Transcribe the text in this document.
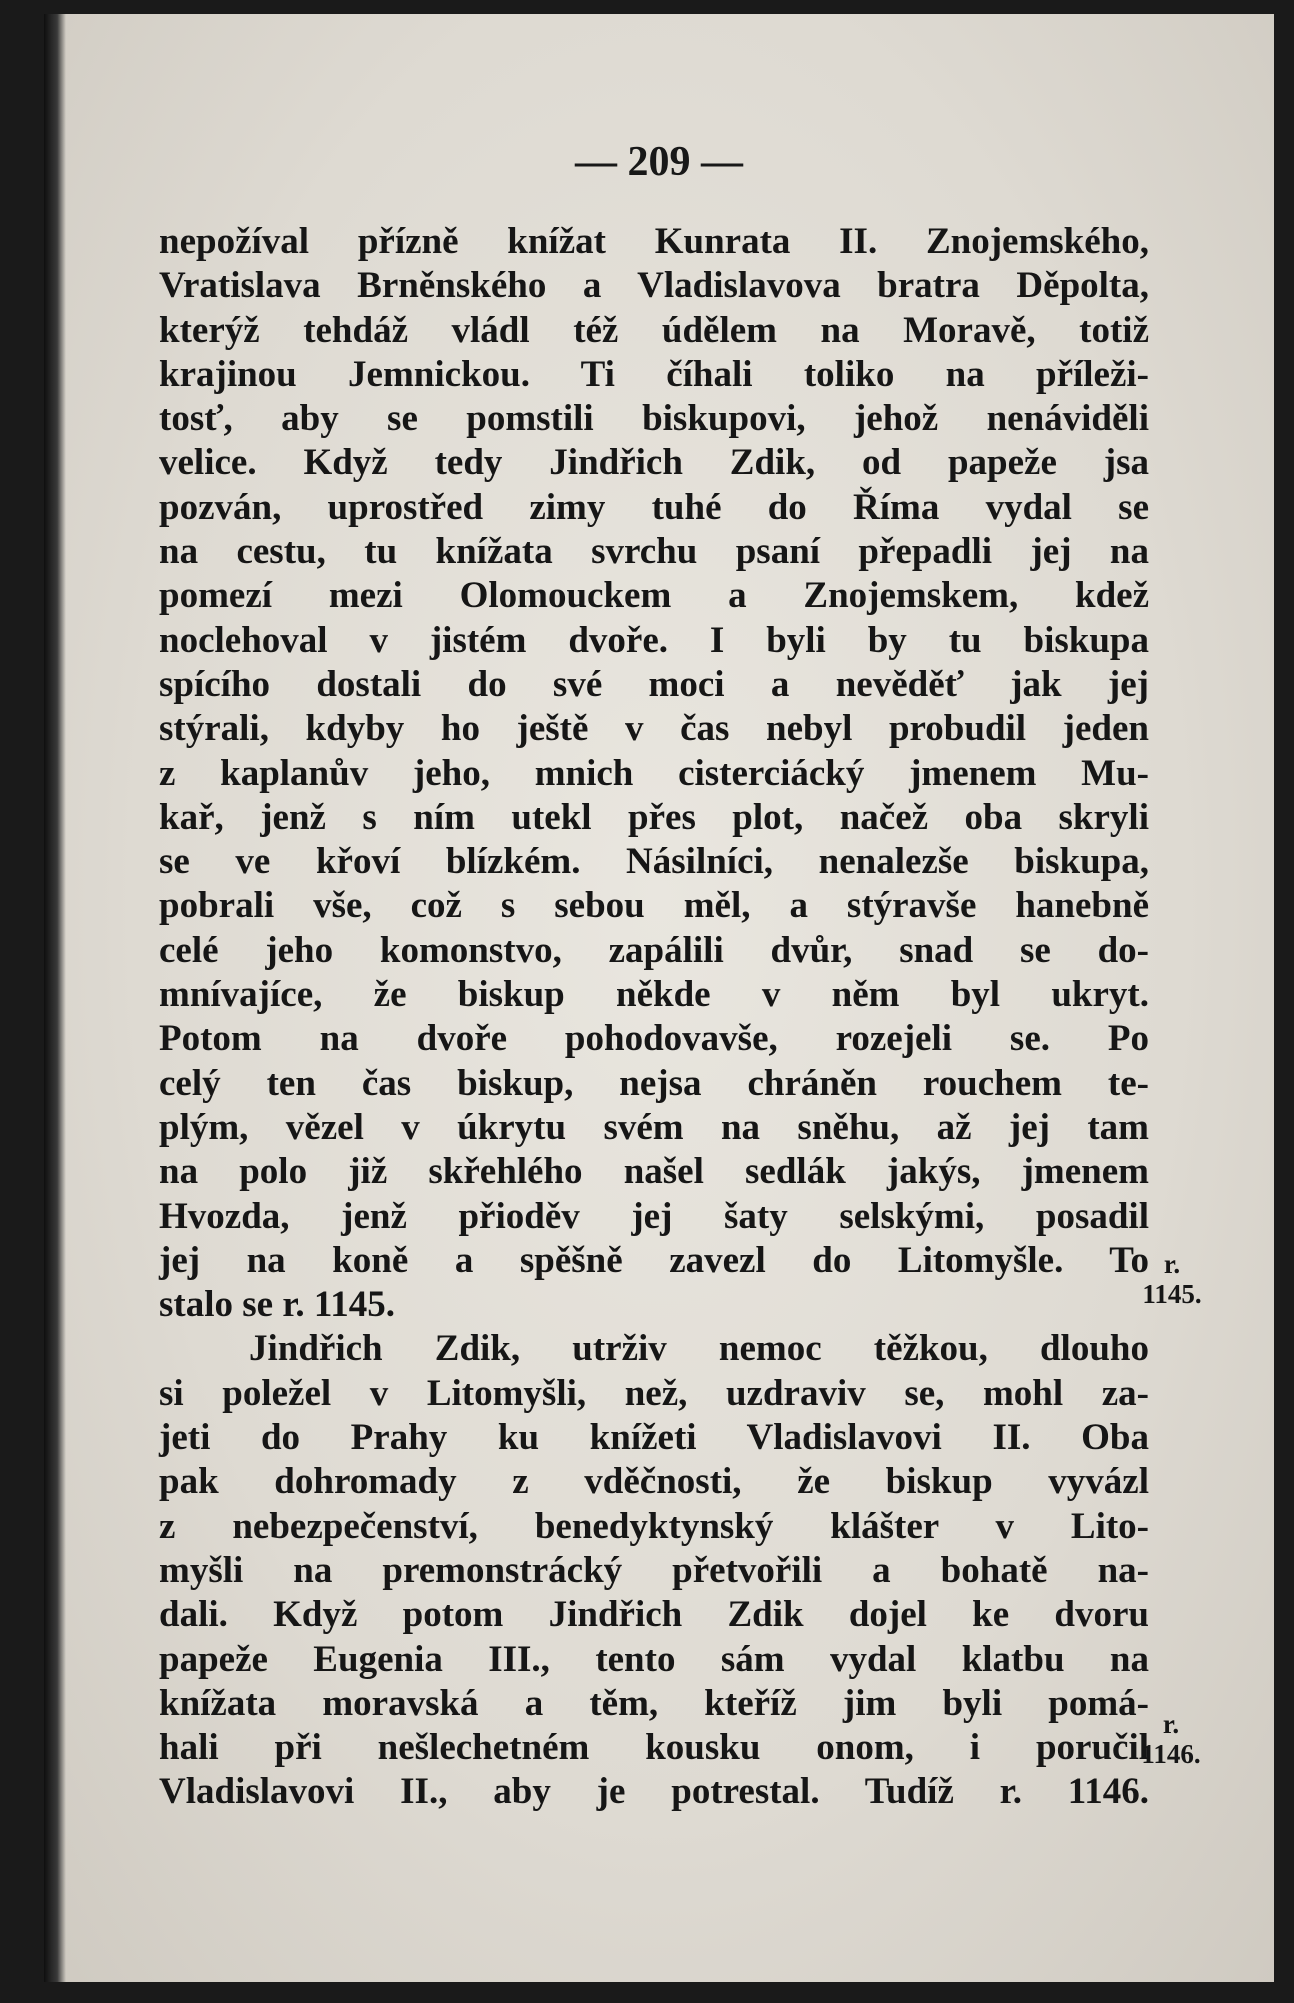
— 209 —

nepožíval přízně knížat Kunrata II. Znojemského,
Vratislava Brněnského a Vladislavova bratra Děpolta,
kterýž tehdáž vládl též údělem na Moravě, totiž
krajinou Jemnickou. Ti číhali toliko na příleži-
tosť, aby se pomstili biskupovi, jehož nenáviděli
velice. Když tedy Jindřich Zdik, od papeže jsa
pozván, uprostřed zimy tuhé do Říma vydal se
na cestu, tu knížata svrchu psaní přepadli jej na
pomezí mezi Olomouckem a Znojemskem, kdež
noclehoval v jistém dvoře. I byli by tu biskupa
spícího dostali do své moci a nevěděť jak jej
stýrali, kdyby ho ještě v čas nebyl probudil jeden
z kaplanův jeho, mnich cisterciácký jmenem Mu-
kař, jenž s ním utekl přes plot, načež oba skryli
se ve křoví blízkém. Násilníci, nenalezše biskupa,
pobrali vše, což s sebou měl, a stýravše hanebně
celé jeho komonstvo, zapálili dvůr, snad se do-
mnívajíce, že biskup někde v něm byl ukryt.
Potom na dvoře pohodovavše, rozejeli se. Po
celý ten čas biskup, nejsa chráněn rouchem te-
plým, vězel v úkrytu svém na sněhu, až jej tam
na polo již skřehlého našel sedlák jakýs, jmenem
Hvozda, jenž přioděv jej šaty selskými, posadil
jej na koně a spěšně zavezl do Litomyšle. To
stalo se r. 1145.
Jindřich Zdik, utrživ nemoc těžkou, dlouho
si poležel v Litomyšli, než, uzdraviv se, mohl za-
jeti do Prahy ku knížeti Vladislavovi II. Oba
pak dohromady z vděčnosti, že biskup vyvázl
z nebezpečenství, benedyktynský klášter v Lito-
myšli na premonstrácký přetvořili a bohatě na-
dali. Když potom Jindřich Zdik dojel ke dvoru
papeže Eugenia III., tento sám vydal klatbu na
knížata moravská a těm, kteříž jim byli pomá-
hali při nešlechetném kousku onom, i poručil
Vladislavovi II., aby je potrestal. Tudíž r. 1146.
r.
1145.
r.
1146.
